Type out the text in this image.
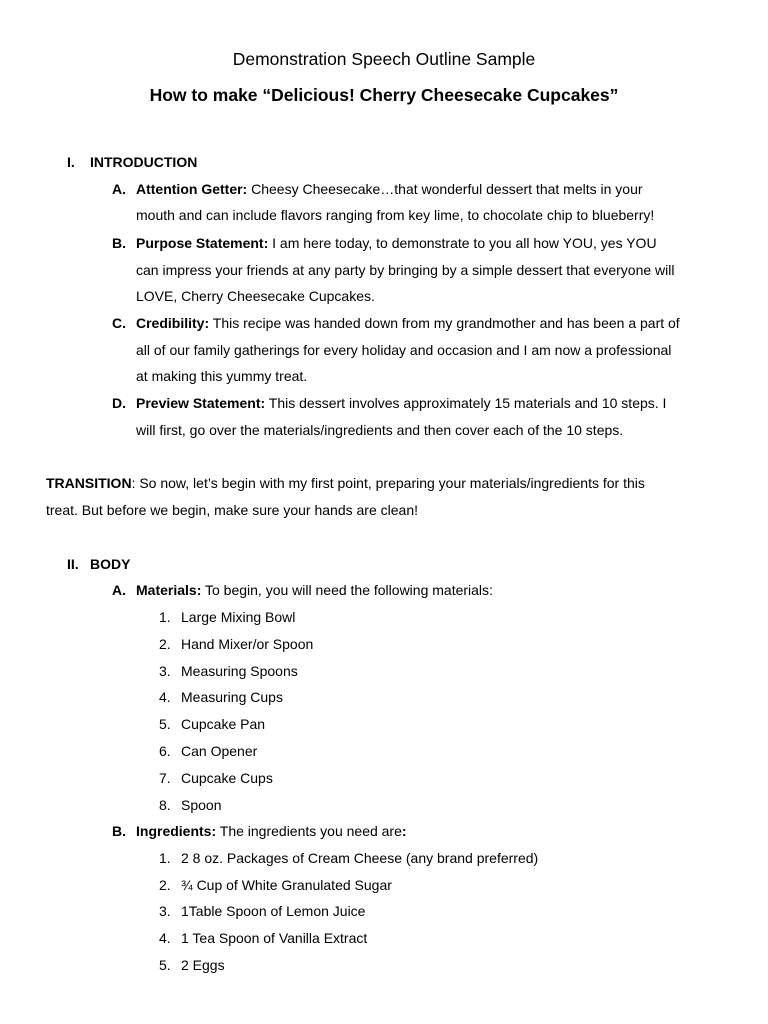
Demonstration Speech Outline Sample
How to make “Delicious! Cherry Cheesecake Cupcakes”
I. INTRODUCTION
A. Attention Getter: Cheesy Cheesecake…that wonderful dessert that melts in your
mouth and can include flavors ranging from key lime, to chocolate chip to blueberry!
B. Purpose Statement: I am here today, to demonstrate to you all how YOU, yes YOU
can impress your friends at any party by bringing by a simple dessert that everyone will
LOVE, Cherry Cheesecake Cupcakes.
C. Credibility: This recipe was handed down from my grandmother and has been a part of
all of our family gatherings for every holiday and occasion and I am now a professional
at making this yummy treat.
D. Preview Statement: This dessert involves approximately 15 materials and 10 steps. I
will first, go over the materials/ingredients and then cover each of the 10 steps.
TRANSITION: So now, let’s begin with my first point, preparing your materials/ingredients for this
treat. But before we begin, make sure your hands are clean!
II. BODY
A. Materials: To begin, you will need the following materials:
1. Large Mixing Bowl
2. Hand Mixer/or Spoon
3. Measuring Spoons
4. Measuring Cups
5. Cupcake Pan
6. Can Opener
7. Cupcake Cups
8. Spoon
B. Ingredients: The ingredients you need are:
1. 2 8 oz. Packages of Cream Cheese (any brand preferred)
2. ¾ Cup of White Granulated Sugar
3. 1Table Spoon of Lemon Juice
4. 1 Tea Spoon of Vanilla Extract
5. 2 Eggs
